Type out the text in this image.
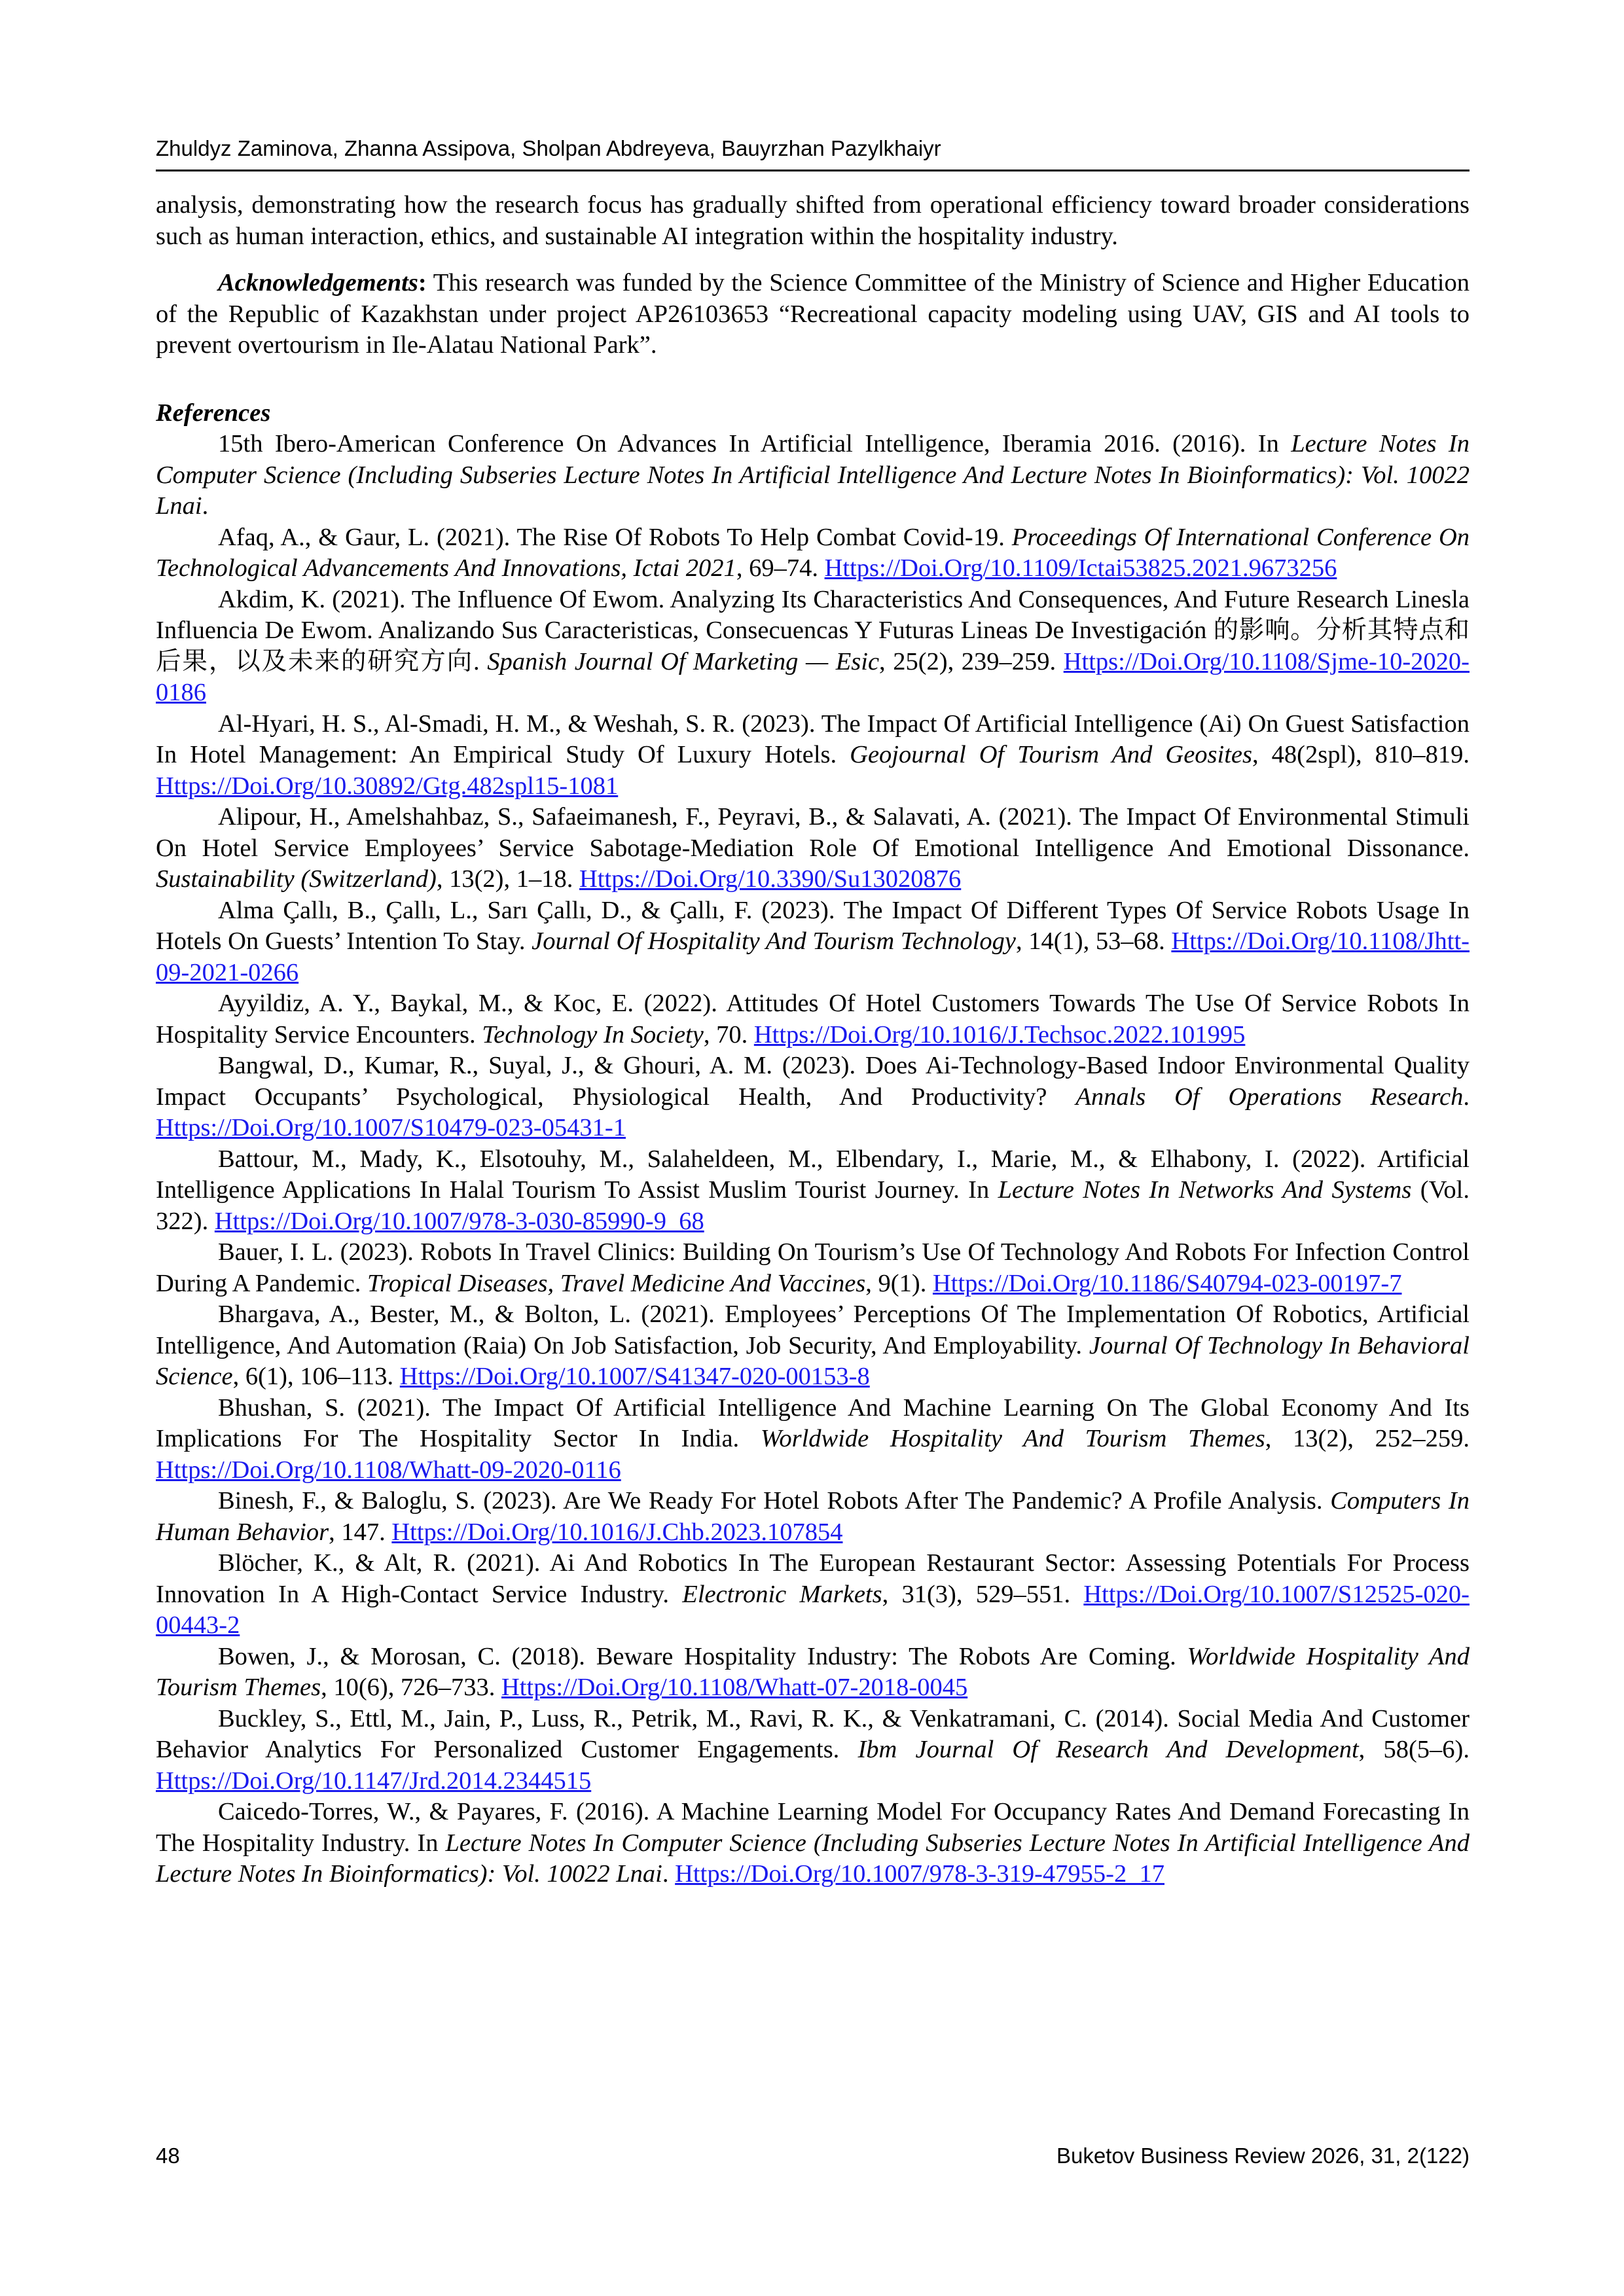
Zhuldyz Zaminova, Zhanna Assipova, Sholpan Abdreyeva, Bauyrzhan Pazylkhaiyr

analysis, demonstrating how the research focus has gradually shifted from operational efficiency toward broader considerations such as human interaction, ethics, and sustainable AI integration within the hospitality industry.

Acknowledgements: This research was funded by the Science Committee of the Ministry of Science and Higher Education of the Republic of Kazakhstan under project AP26103653 “Recreational capacity modeling using UAV, GIS and AI tools to prevent overtourism in Ile-Alatau National Park”.

References

15th Ibero-American Conference On Advances In Artificial Intelligence, Iberamia 2016. (2016). In Lecture Notes In Computer Science (Including Subseries Lecture Notes In Artificial Intelligence And Lecture Notes In Bioinformatics): Vol. 10022 Lnai.
Afaq, A., & Gaur, L. (2021). The Rise Of Robots To Help Combat Covid-19. Proceedings Of International Conference On Technological Advancements And Innovations, Ictai 2021, 69–74. Https://Doi.Org/10.1109/Ictai53825.2021.9673256
Akdim, K. (2021). The Influence Of Ewom. Analyzing Its Characteristics And Consequences, And Future Research Linesla Influencia De Ewom. Analizando Sus Caracteristicas, Consecuencas Y Futuras Lineas De Investigación 的影响。分析其特点和后果，以及未来的研究方向. Spanish Journal Of Marketing — Esic, 25(2), 239–259. Https://Doi.Org/10.1108/Sjme-10-2020-0186
Al-Hyari, H. S., Al-Smadi, H. M., & Weshah, S. R. (2023). The Impact Of Artificial Intelligence (Ai) On Guest Satisfaction In Hotel Management: An Empirical Study Of Luxury Hotels. Geojournal Of Tourism And Geosites, 48(2spl), 810–819. Https://Doi.Org/10.30892/Gtg.482spl15-1081
Alipour, H., Amelshahbaz, S., Safaeimanesh, F., Peyravi, B., & Salavati, A. (2021). The Impact Of Environmental Stimuli On Hotel Service Employees’ Service Sabotage-Mediation Role Of Emotional Intelligence And Emotional Dissonance. Sustainability (Switzerland), 13(2), 1–18. Https://Doi.Org/10.3390/Su13020876
Alma Çallı, B., Çallı, L., Sarı Çallı, D., & Çallı, F. (2023). The Impact Of Different Types Of Service Robots Usage In Hotels On Guests’ Intention To Stay. Journal Of Hospitality And Tourism Technology, 14(1), 53–68. Https://Doi.Org/10.1108/Jhtt-09-2021-0266
Ayyildiz, A. Y., Baykal, M., & Koc, E. (2022). Attitudes Of Hotel Customers Towards The Use Of Service Robots In Hospitality Service Encounters. Technology In Society, 70. Https://Doi.Org/10.1016/J.Techsoc.2022.101995
Bangwal, D., Kumar, R., Suyal, J., & Ghouri, A. M. (2023). Does Ai-Technology-Based Indoor Environmental Quality Impact Occupants’ Psychological, Physiological Health, And Productivity? Annals Of Operations Research. Https://Doi.Org/10.1007/S10479-023-05431-1
Battour, M., Mady, K., Elsotouhy, M., Salaheldeen, M., Elbendary, I., Marie, M., & Elhabony, I. (2022). Artificial Intelligence Applications In Halal Tourism To Assist Muslim Tourist Journey. In Lecture Notes In Networks And Systems (Vol. 322). Https://Doi.Org/10.1007/978-3-030-85990-9_68
Bauer, I. L. (2023). Robots In Travel Clinics: Building On Tourism’s Use Of Technology And Robots For Infection Control During A Pandemic. Tropical Diseases, Travel Medicine And Vaccines, 9(1). Https://Doi.Org/10.1186/S40794-023-00197-7
Bhargava, A., Bester, M., & Bolton, L. (2021). Employees’ Perceptions Of The Implementation Of Robotics, Artificial Intelligence, And Automation (Raia) On Job Satisfaction, Job Security, And Employability. Journal Of Technology In Behavioral Science, 6(1), 106–113. Https://Doi.Org/10.1007/S41347-020-00153-8
Bhushan, S. (2021). The Impact Of Artificial Intelligence And Machine Learning On The Global Economy And Its Implications For The Hospitality Sector In India. Worldwide Hospitality And Tourism Themes, 13(2), 252–259. Https://Doi.Org/10.1108/Whatt-09-2020-0116
Binesh, F., & Baloglu, S. (2023). Are We Ready For Hotel Robots After The Pandemic? A Profile Analysis. Computers In Human Behavior, 147. Https://Doi.Org/10.1016/J.Chb.2023.107854
Blöcher, K., & Alt, R. (2021). Ai And Robotics In The European Restaurant Sector: Assessing Potentials For Process Innovation In A High-Contact Service Industry. Electronic Markets, 31(3), 529–551. Https://Doi.Org/10.1007/S12525-020-00443-2
Bowen, J., & Morosan, C. (2018). Beware Hospitality Industry: The Robots Are Coming. Worldwide Hospitality And Tourism Themes, 10(6), 726–733. Https://Doi.Org/10.1108/Whatt-07-2018-0045
Buckley, S., Ettl, M., Jain, P., Luss, R., Petrik, M., Ravi, R. K., & Venkatramani, C. (2014). Social Media And Customer Behavior Analytics For Personalized Customer Engagements. Ibm Journal Of Research And Development, 58(5–6). Https://Doi.Org/10.1147/Jrd.2014.2344515
Caicedo-Torres, W., & Payares, F. (2016). A Machine Learning Model For Occupancy Rates And Demand Forecasting In The Hospitality Industry. In Lecture Notes In Computer Science (Including Subseries Lecture Notes In Artificial Intelligence And Lecture Notes In Bioinformatics): Vol. 10022 Lnai. Https://Doi.Org/10.1007/978-3-319-47955-2_17
48	Buketov Business Review 2026, 31, 2(122)
